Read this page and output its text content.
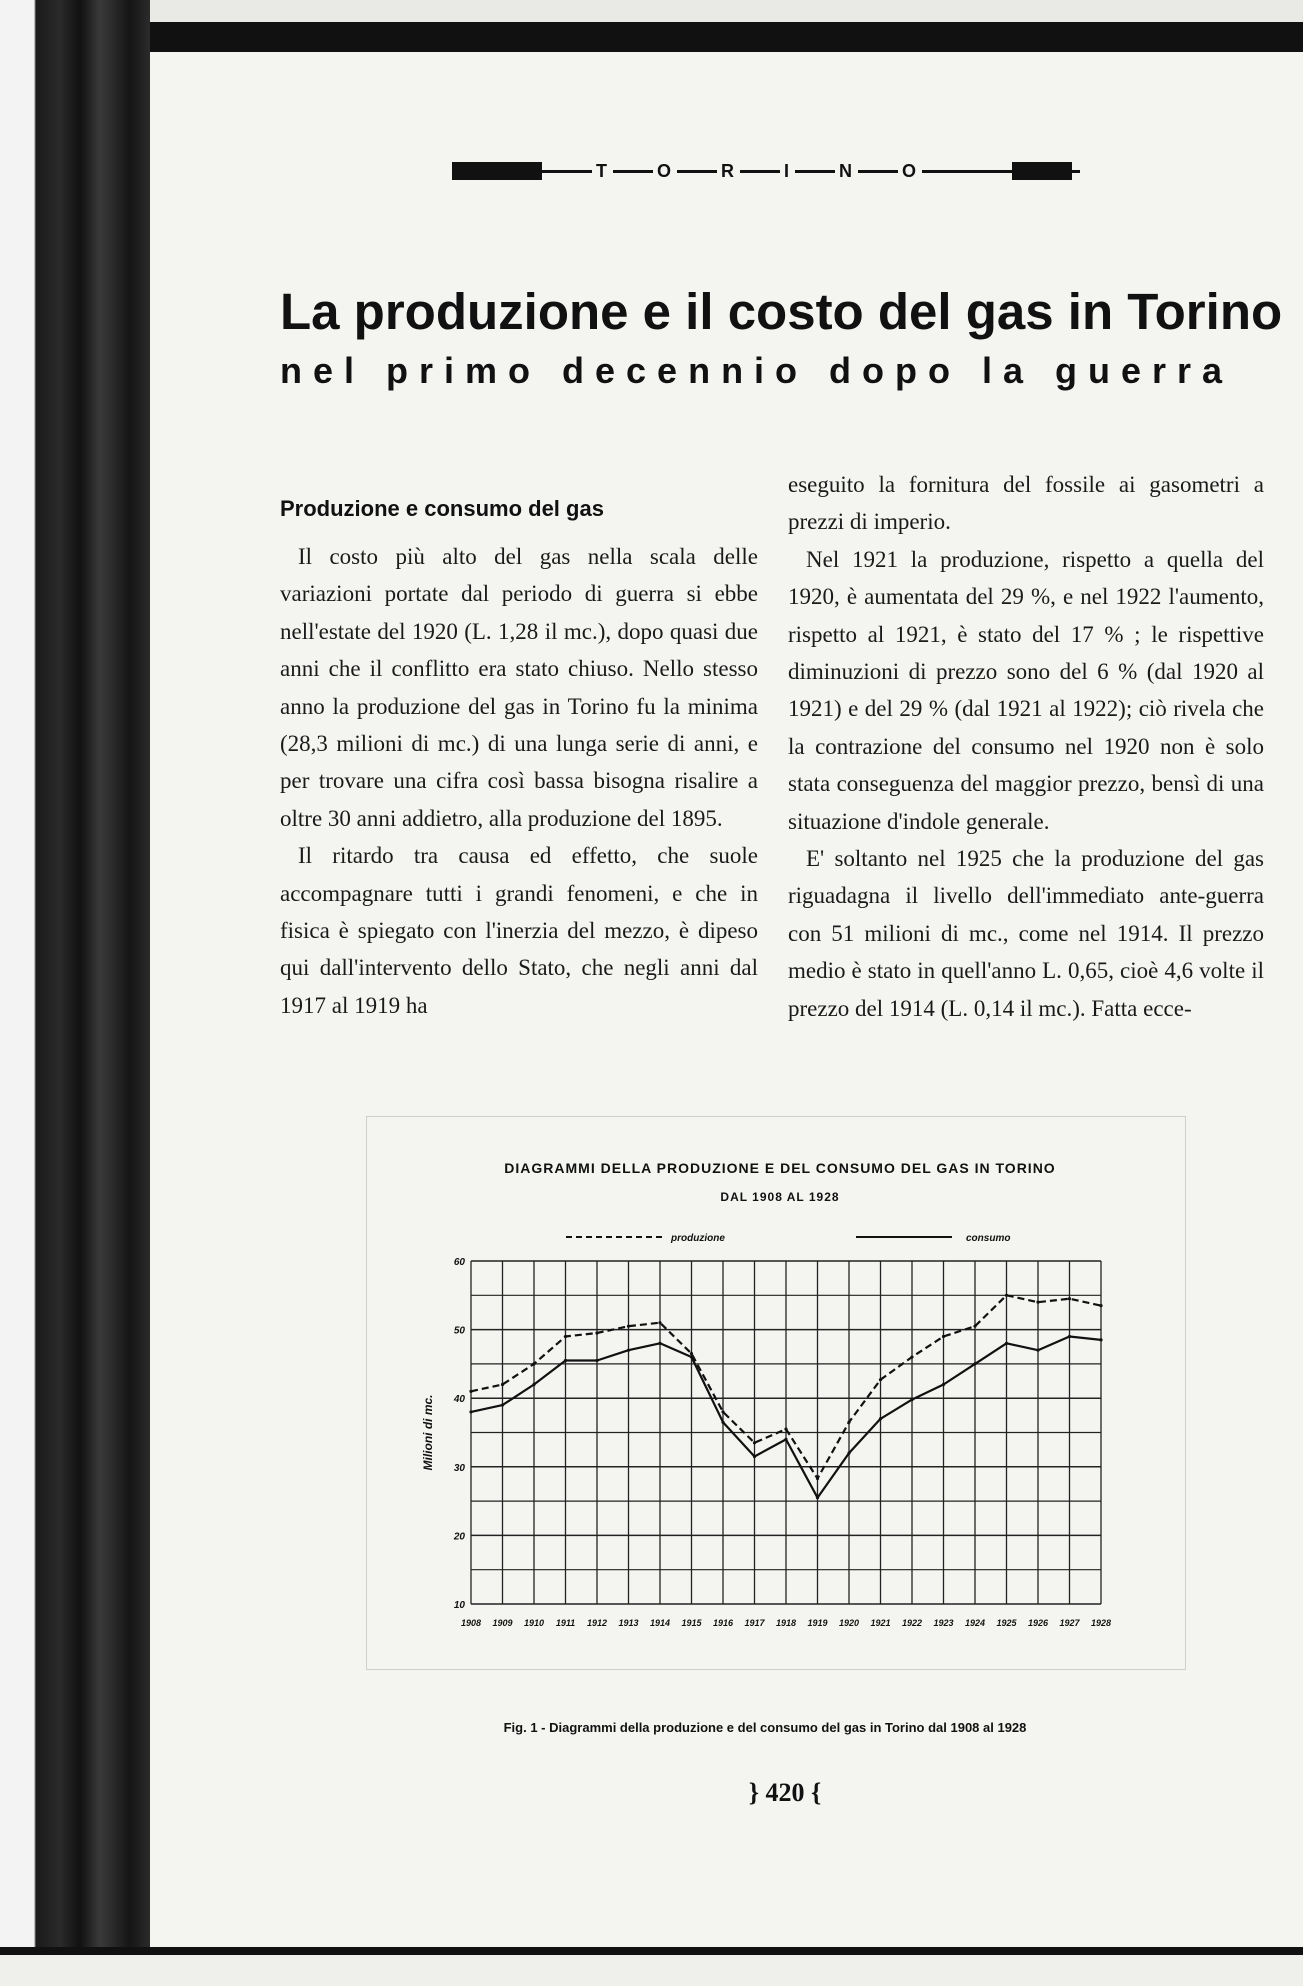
T	O	R	I	N	O
La produzione e il costo del gas in Torino
nel primo decennio dopo la guerra
Produzione e consumo del gas

Il costo più alto del gas nella scala delle variazioni portate dal periodo di guerra si ebbe nell'estate del 1920 (L. 1,28 il mc.), dopo quasi due anni che il conflitto era stato chiuso. Nello stesso anno la produzione del gas in Torino fu la minima (28,3 milioni di mc.) di una lunga serie di anni, e per trovare una cifra così bassa bisogna risalire a oltre 30 anni addietro, alla produzione del 1895.

Il ritardo tra causa ed effetto, che suole accompagnare tutti i grandi fenomeni, e che in fisica è spiegato con l'inerzia del mezzo, è dipeso qui dall'intervento dello Stato, che negli anni dal 1917 al 1919 ha

eseguito la fornitura del fossile ai gasometri a prezzi di imperio.

Nel 1921 la produzione, rispetto a quella del 1920, è aumentata del 29 %, e nel 1922 l'aumento, rispetto al 1921, è stato del 17 % ; le rispettive diminuzioni di prezzo sono del 6 % (dal 1920 al 1921) e del 29 % (dal 1921 al 1922); ciò rivela che la contrazione del consumo nel 1920 non è solo stata conseguenza del maggior prezzo, bensì di una situazione d'indole generale.

E' soltanto nel 1925 che la produzione del gas riguadagna il livello dell'immediato ante-guerra con 51 milioni di mc., come nel 1914. Il prezzo medio è stato in quell'anno L. 0,65, cioè 4,6 volte il prezzo del 1914 (L. 0,14 il mc.). Fatta ecce-

DIAGRAMMI DELLA PRODUZIONE E DEL CONSUMO DEL GAS IN TORINO
DAL 1908 AL 1928
produzione	consumo
60
50
40
30
20
10
Milioni di mc.
1908 1909 1910 1911 1912 1913 1914 1915 1916 1917 1918 1919 1920 1921 1922 1923 1924 1925 1926 1927 1928
Fig. 1 - Diagrammi della produzione e del consumo del gas in Torino dal 1908 al 1928
} 420 {
